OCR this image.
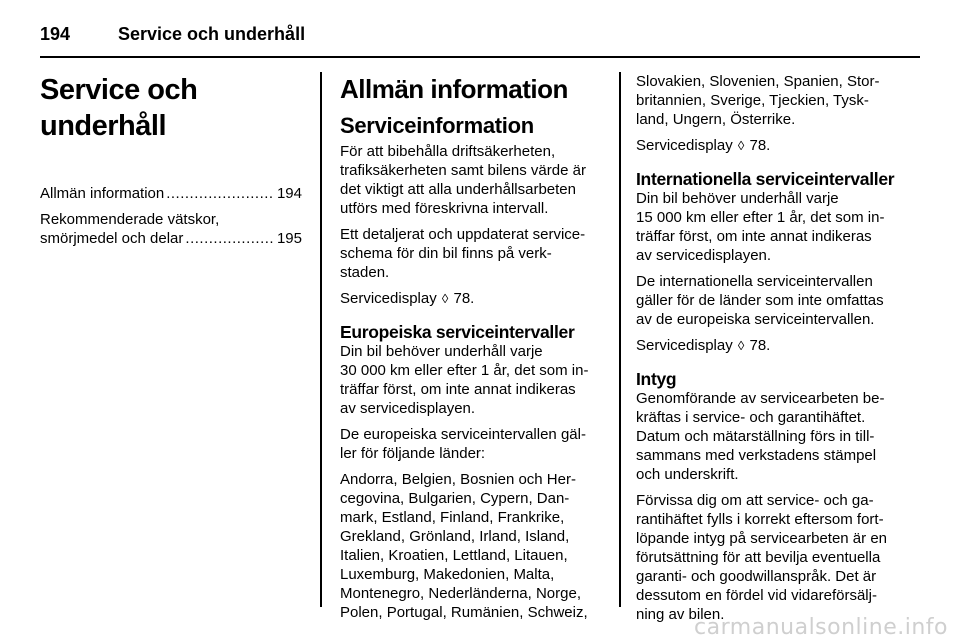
194	Service och underhåll
Service och underhåll
Allmän information .....	194
Rekommenderade vätskor,
smörjmedel och delar .....	195
Allmän information
Serviceinformation

För att bibehålla driftsäkerheten,
trafiksäkerheten samt bilens värde är
det viktigt att alla underhållsarbeten
utförs med föreskrivna intervall.

Ett detaljerat och uppdaterat service-
schema för din bil finns på verk-
staden.

Servicedisplay ◊ 78.

Europeiska serviceintervaller

Din bil behöver underhåll varje
30 000 km eller efter 1 år, det som in-
träffar först, om inte annat indikeras
av servicedisplayen.

De europeiska serviceintervallen gäl-
ler för följande länder:

Andorra, Belgien, Bosnien och Her-
cegovina, Bulgarien, Cypern, Dan-
mark, Estland, Finland, Frankrike,
Grekland, Grönland, Irland, Island,
Italien, Kroatien, Lettland, Litauen,
Luxemburg, Makedonien, Malta,
Montenegro, Nederländerna, Norge,
Polen, Portugal, Rumänien, Schweiz,

Slovakien, Slovenien, Spanien, Stor-
britannien, Sverige, Tjeckien, Tysk-
land, Ungern, Österrike.

Servicedisplay ◊ 78.

Internationella serviceintervaller

Din bil behöver underhåll varje
15 000 km eller efter 1 år, det som in-
träffar först, om inte annat indikeras
av servicedisplayen.

De internationella serviceintervallen
gäller för de länder som inte omfattas
av de europeiska serviceintervallen.

Servicedisplay ◊ 78.

Intyg

Genomförande av servicearbeten be-
kräftas i service- och garantihäftet.
Datum och mätarställning förs in till-
sammans med verkstadens stämpel
och underskrift.

Förvissa dig om att service- och ga-
rantihäftet fylls i korrekt eftersom fort-
löpande intyg på servicearbeten är en
förutsättning för att bevilja eventuella
garanti- och goodwillanspråk. Det är
dessutom en fördel vid vidareförsälj-
ning av bilen.

carmanualsonline.info
